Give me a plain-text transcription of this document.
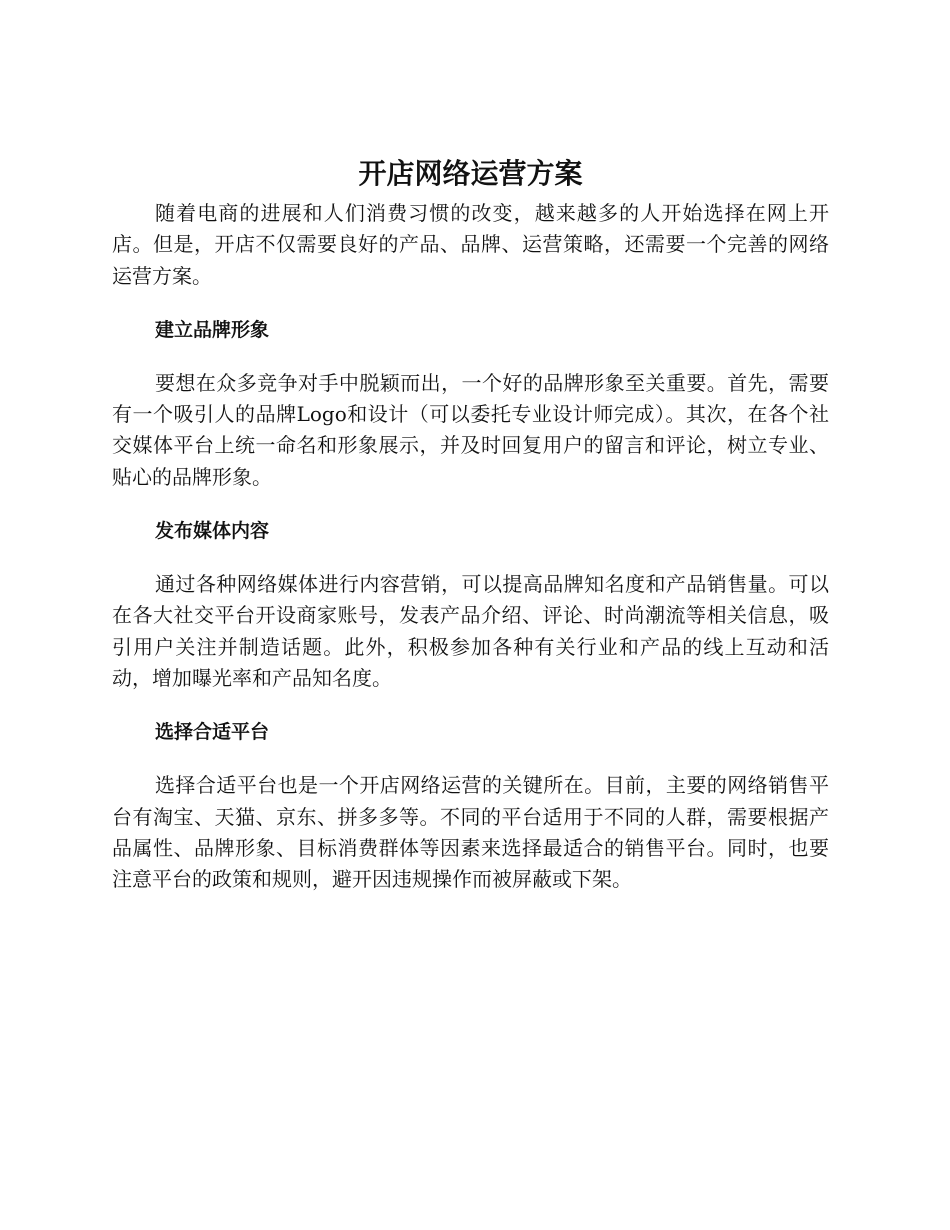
开店网络运营方案

随着电商的进展和人们消费习惯的改变，越来越多的人开始选择在网上开店。但是，开店不仅需要良好的产品、品牌、运营策略，还需要一个完善的网络运营方案。

建立品牌形象

要想在众多竞争对手中脱颖而出，一个好的品牌形象至关重要。首先，需要有一个吸引人的品牌Logo和设计（可以委托专业设计师完成）。其次，在各个社交媒体平台上统一命名和形象展示，并及时回复用户的留言和评论，树立专业、贴心的品牌形象。

发布媒体内容

通过各种网络媒体进行内容营销，可以提高品牌知名度和产品销售量。可以在各大社交平台开设商家账号，发表产品介绍、评论、时尚潮流等相关信息，吸引用户关注并制造话题。此外，积极参加各种有关行业和产品的线上互动和活动，增加曝光率和产品知名度。

选择合适平台

选择合适平台也是一个开店网络运营的关键所在。目前，主要的网络销售平台有淘宝、天猫、京东、拼多多等。不同的平台适用于不同的人群，需要根据产品属性、品牌形象、目标消费群体等因素来选择最适合的销售平台。同时，也要注意平台的政策和规则，避开因违规操作而被屏蔽或下架。
